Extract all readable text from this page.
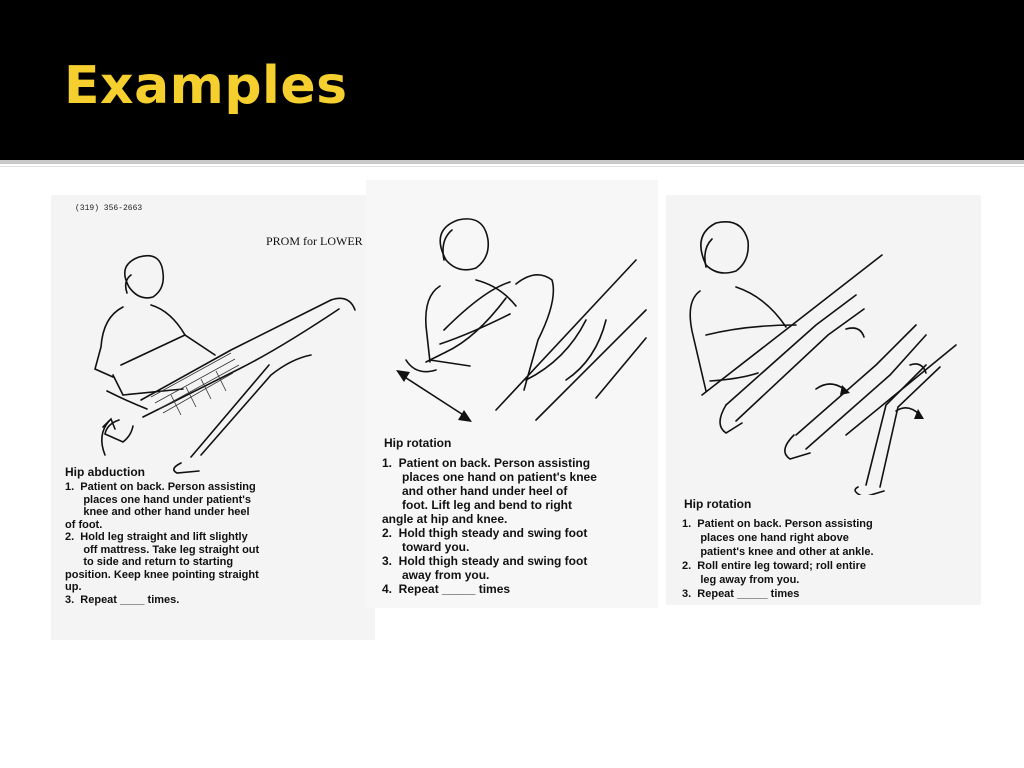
Examples
(319) 356-2663
PROM for LOWER
Hip abduction
1.  Patient on back. Person assisting
places one hand under patient's
knee and other hand under heel
of foot.
2.  Hold leg straight and lift slightly
off mattress. Take leg straight out
to side and return to starting
position. Keep knee pointing straight
up.
3.  Repeat ____ times.
Hip rotation
1.  Patient on back. Person assisting
places one hand on patient's knee
and other hand under heel of
foot. Lift leg and bend to right
angle at hip and knee.
2.  Hold thigh steady and swing foot
toward you.
3.  Hold thigh steady and swing foot
away from you.
4.  Repeat _____ times
Hip rotation
1.  Patient on back. Person assisting
places one hand right above
patient's knee and other at ankle.
2.  Roll entire leg toward; roll entire
leg away from you.
3.  Repeat _____ times
